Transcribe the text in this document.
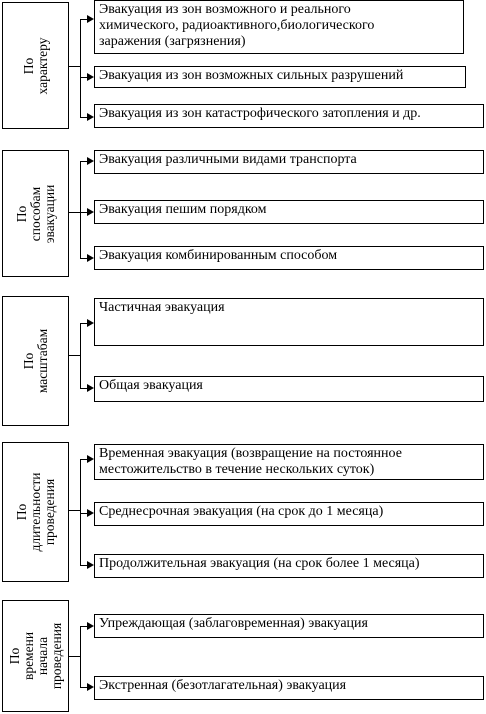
По
характеру
Эвакуация из зон возможного и реального
химического, радиоактивного,биологического
заражения (загрязнения)
Эвакуация из зон возможных сильных разрушений
Эвакуация из зон катастрофического затопления и др.
По
способам
эвакуации
Эвакуация различными видами транспорта
Эвакуация пешим порядком
Эвакуация комбинированным способом
По масштабам
Частичная эвакуация
Общая эвакуация
По
длительности
проведения
Временная эвакуация (возвращение на постоянное
местожительство в течение нескольких суток)
Среднесрочная эвакуация (на срок до 1 месяца)
Продолжительная эвакуация (на срок более 1 месяца)
По
времени
начала
проведения	Упреждающая (заблаговременная) эвакуация
Экстренная (безотлагательная) эвакуация
